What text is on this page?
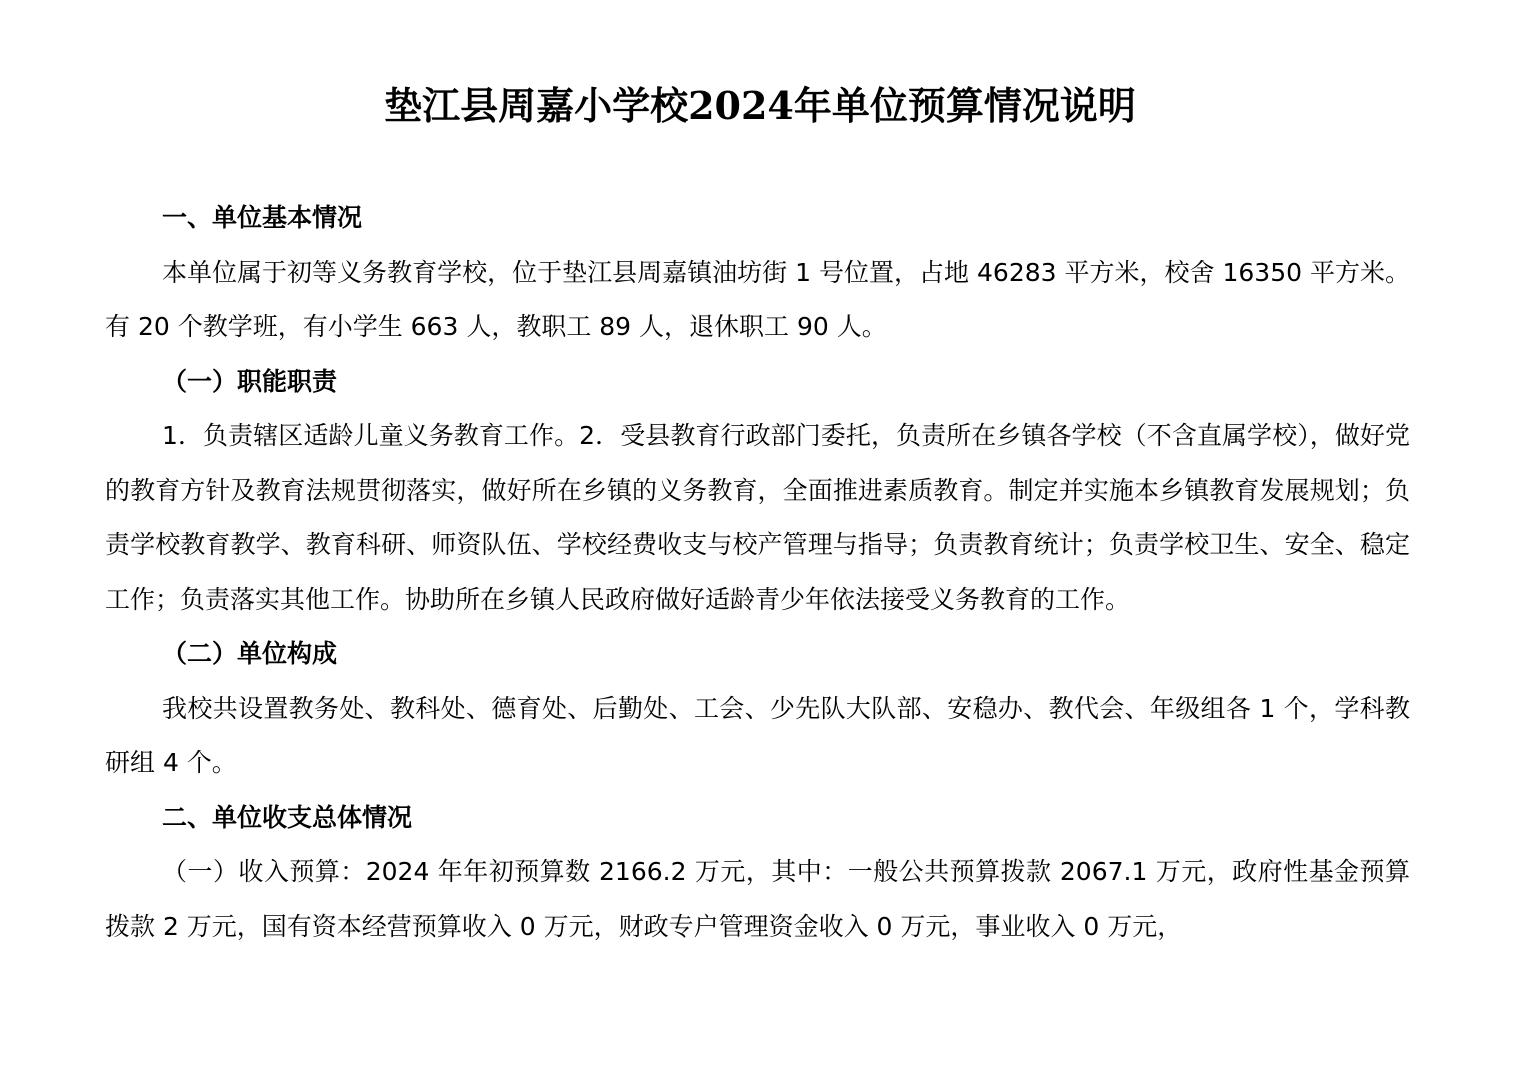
垫江县周嘉小学校2024年单位预算情况说明

一、单位基本情况

本单位属于初等义务教育学校，位于垫江县周嘉镇油坊街 1 号位置，占地 46283 平方米，校舍 16350 平方米。有 20 个教学班，有小学生 663 人，教职工 89 人，退休职工 90 人。

（一）职能职责

1．负责辖区适龄儿童义务教育工作。2．受县教育行政部门委托，负责所在乡镇各学校（不含直属学校），做好党的教育方针及教育法规贯彻落实，做好所在乡镇的义务教育，全面推进素质教育。制定并实施本乡镇教育发展规划；负责学校教育教学、教育科研、师资队伍、学校经费收支与校产管理与指导；负责教育统计；负责学校卫生、安全、稳定工作；负责落实其他工作。协助所在乡镇人民政府做好适龄青少年依法接受义务教育的工作。

（二）单位构成

我校共设置教务处、教科处、德育处、后勤处、工会、少先队大队部、安稳办、教代会、年级组各 1 个，学科教研组 4 个。

二、单位收支总体情况

（一）收入预算：2024 年年初预算数 2166.2 万元，其中：一般公共预算拨款 2067.1 万元，政府性基金预算拨款 2 万元，国有资本经营预算收入 0 万元，财政专户管理资金收入 0 万元，事业收入 0 万元，
